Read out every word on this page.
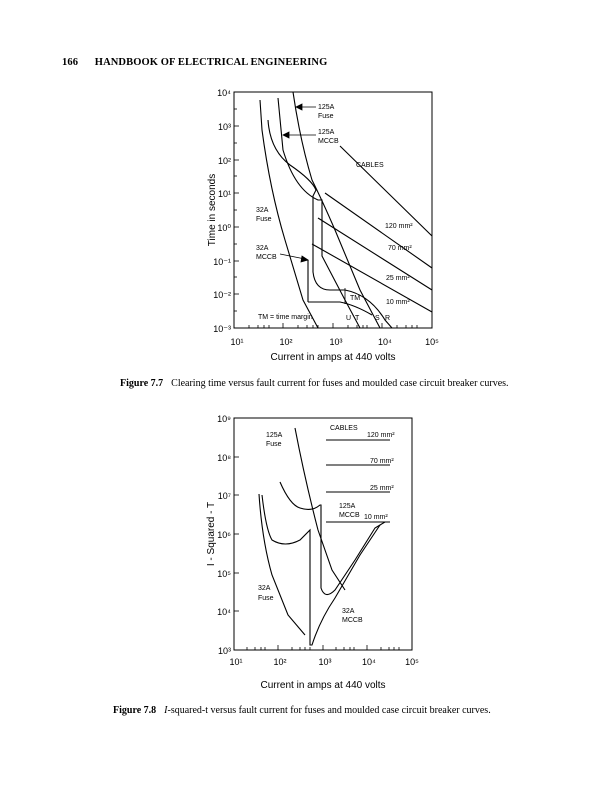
166 HANDBOOK OF ELECTRICAL ENGINEERING
10⁴
10³
10²
10¹
10⁰
10⁻¹
10⁻²
10⁻³
10¹	10²	10³	10⁴	10⁵
Time in seconds
Current in amps at 440 volts
125A
Fuse
125A
MCCB
CABLES
32A
Fuse
32A
MCCB
120 mm²
70 mm²
25 mm²
10 mm²
TM
TM = time margin	U T S R
Figure 7.7 Clearing time versus fault current for fuses and moulded case circuit breaker curves.
10⁹
10⁸
10⁷
10⁶
10⁵
10⁴
10³
10¹	10²	10³	10⁴	10⁵
I - Squared - T
Current in amps at 440 volts
CABLES
120 mm²
70 mm²
25 mm²
10 mm²
125A
Fuse
125A
MCCB
32A
Fuse
32A
MCCB
Figure 7.8 I-squared-t versus fault current for fuses and moulded case circuit breaker curves.
